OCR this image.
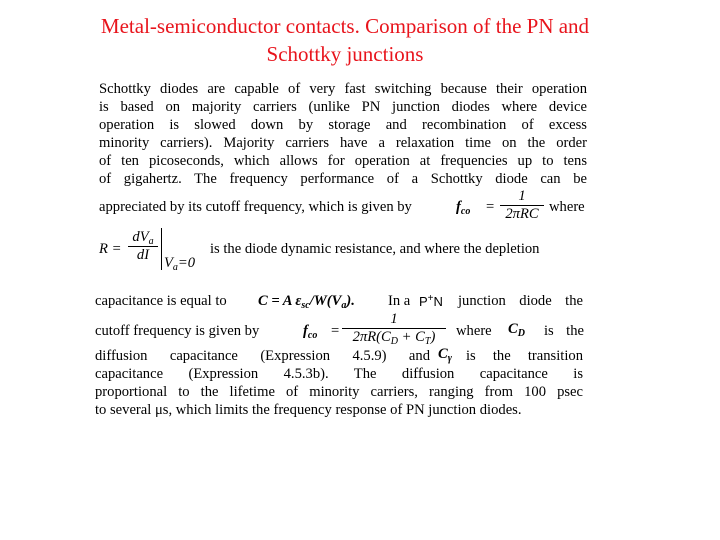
Metal-semiconductor contacts. Comparison of the PN and
Schottky junctions
Schottky diodes are capable of very fast switching because their operation
is based on majority carriers (unlike PN junction diodes where device
operation is slowed down by storage and recombination of excess
minority carriers). Majority carriers have a relaxation time on the order
of ten picoseconds, which allows for operation at frequencies up to tens
of gigahertz. The frequency performance of a Schottky diode can be
appreciated by its cutoff frequency, which is given by	$f_{co}$ =
1
2πRC where
R =
$dV_a$
dI	$V_a=0$
is the diode dynamic resistance, and where the depletion
capacitance is equal to C = A $\varepsilon_{sc}/W(V_a)$. In a P+N junction diode the
cutoff frequency is given by	$f_{co} = \frac{1}{2\pi R(C_D + C_T)}$ where $C_D$ is the
diffusion capacitance (Expression 4.5.9) and $C_\gamma$ is the transition
capacitance (Expression 4.5.3b). The diffusion capacitance is
proportional to the lifetime of minority carriers, ranging from 100 psec
to several μs, which limits the frequency response of PN junction diodes.
